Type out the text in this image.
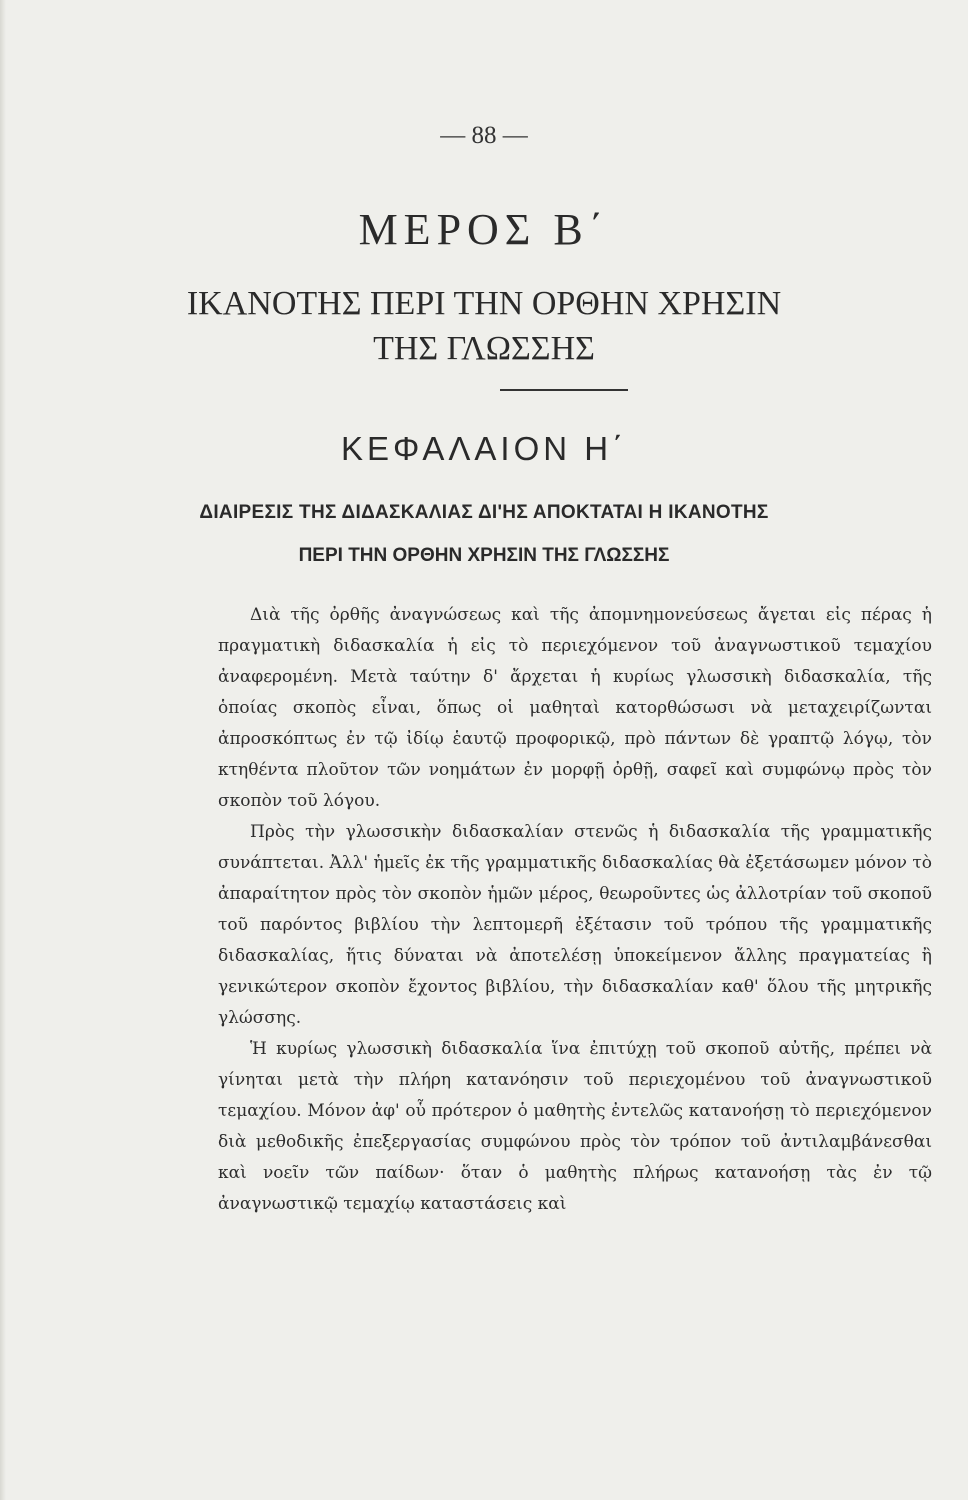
— 88 —
ΜΕΡΟΣ Β΄
ΙΚΑΝΟΤΗΣ ΠΕΡΙ ΤΗΝ ΟΡΘΗΝ ΧΡΗΣΙΝ
ΤΗΣ ΓΛΩΣΣΗΣ
ΚΕΦΑΛΑΙΟΝ Η΄
ΔΙΑΙΡΕΣΙΣ ΤΗΣ ΔΙΔΑΣΚΑΛΙΑΣ ΔΙ'ΗΣ ΑΠΟΚΤΑΤΑΙ Η ΙΚΑΝΟΤΗΣ
ΠΕΡΙ ΤΗΝ ΟΡΘΗΝ ΧΡΗΣΙΝ ΤΗΣ ΓΛΩΣΣΗΣ

Διὰ τῆς ὀρθῆς ἀναγνώσεως καὶ τῆς ἀπομνημονεύσεως ἄγεται εἰς πέρας ἡ πραγματικὴ διδασκαλία ἡ εἰς τὸ περιεχόμενον τοῦ ἀναγνωστικοῦ τεμαχίου ἀναφερομένη. Μετὰ ταύτην δ' ἄρχεται ἡ κυρίως γλωσσικὴ διδασκαλία, τῆς ὁποίας σκοπὸς εἶναι, ὅπως οἱ μαθηταὶ κατορθώσωσι νὰ μεταχειρίζωνται ἀπροσκόπτως ἐν τῷ ἰδίῳ ἑαυτῷ προφορικῷ, πρὸ πάντων δὲ γραπτῷ λόγῳ, τὸν κτηθέντα πλοῦτον τῶν νοημάτων ἐν μορφῇ ὀρθῇ, σαφεῖ καὶ συμφώνῳ πρὸς τὸν σκοπὸν τοῦ λόγου.

Πρὸς τὴν γλωσσικὴν διδασκαλίαν στενῶς ἡ διδασκαλία τῆς γραμματικῆς συνάπτεται. Ἀλλ' ἡμεῖς ἐκ τῆς γραμματικῆς διδασκαλίας θὰ ἐξετάσωμεν μόνον τὸ ἀπαραίτητον πρὸς τὸν σκοπὸν ἡμῶν μέρος, θεωροῦντες ὡς ἀλλοτρίαν τοῦ σκοποῦ τοῦ παρόντος βιβλίου τὴν λεπτομερῆ ἐξέτασιν τοῦ τρόπου τῆς γραμματικῆς διδασκαλίας, ἥτις δύναται νὰ ἀποτελέσῃ ὑποκείμενον ἄλλης πραγματείας ἢ γενικώτερον σκοπὸν ἔχοντος βιβλίου, τὴν διδασκαλίαν καθ' ὅλου τῆς μητρικῆς γλώσσης.

Ἡ κυρίως γλωσσικὴ διδασκαλία ἵνα ἐπιτύχῃ τοῦ σκοποῦ αὐτῆς, πρέπει νὰ γίνηται μετὰ τὴν πλήρη κατανόησιν τοῦ περιεχομένου τοῦ ἀναγνωστικοῦ τεμαχίου. Μόνον ἀφ' οὗ πρότερον ὁ μαθητὴς ἐντελῶς κατανοήσῃ τὸ περιεχόμενον διὰ μεθοδικῆς ἐπεξεργασίας συμφώνου πρὸς τὸν τρόπον τοῦ ἀντιλαμβάνεσθαι καὶ νοεῖν τῶν παίδων· ὅταν ὁ μαθητὴς πλήρως κατανοήσῃ τὰς ἐν τῷ ἀναγνωστικῷ τεμαχίῳ καταστάσεις καὶ
